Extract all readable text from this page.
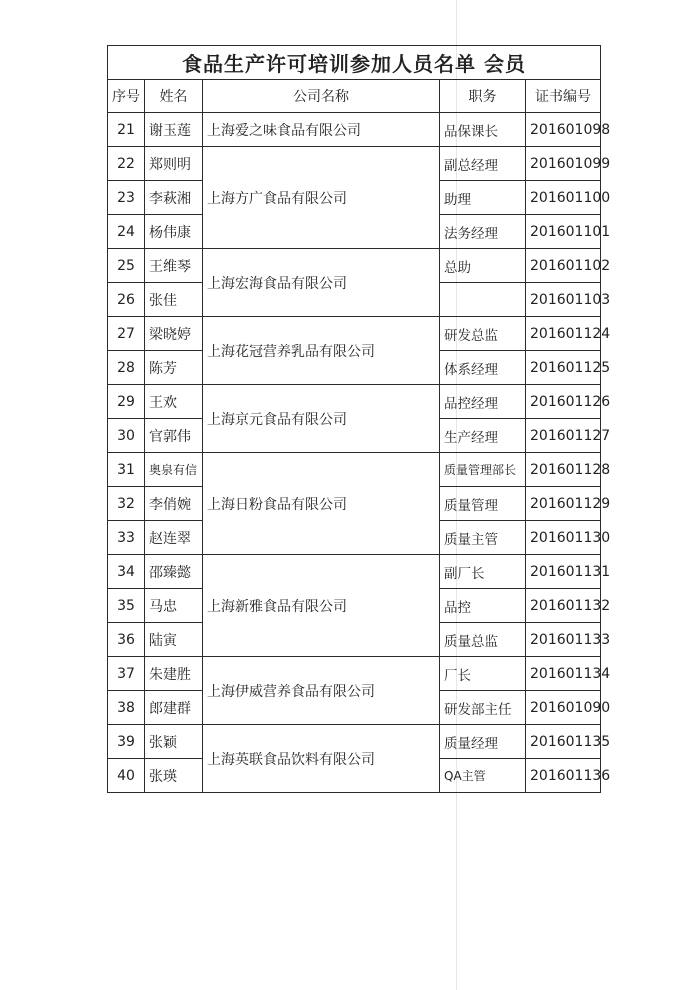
食品生产许可培训参加人员名单 会员				
序号	姓名	公司名称	职务	证书编号
21	谢玉莲	上海爱之味食品有限公司	品保课长	201601098
22	郑则明	上海方广食品有限公司	副总经理	201601099
23	李萩湘		助理	201601100
24	杨伟康		法务经理	201601101
25	王维琴	上海宏海食品有限公司	总助	201601102
26	张佳			201601103
27	梁晓婷	上海花冠营养乳品有限公司	研发总监	201601124
28	陈芳		体系经理	201601125
29	王欢	上海京元食品有限公司	品控经理	201601126
30	官郭伟		生产经理	201601127
31	奥泉有信	上海日粉食品有限公司	质量管理部长	201601128
32	李俏婉		质量管理	201601129
33	赵连翠		质量主管	201601130
34	邵臻懿	上海新雅食品有限公司	副厂长	201601131
35	马忠		品控	201601132
36	陆寅		质量总监	201601133
37	朱建胜	上海伊威营养食品有限公司	厂长	201601134
38	郎建群		研发部主任	201601090
39	张颖	上海英联食品饮料有限公司	质量经理	201601135
40	张瑛		QA主管	201601136
